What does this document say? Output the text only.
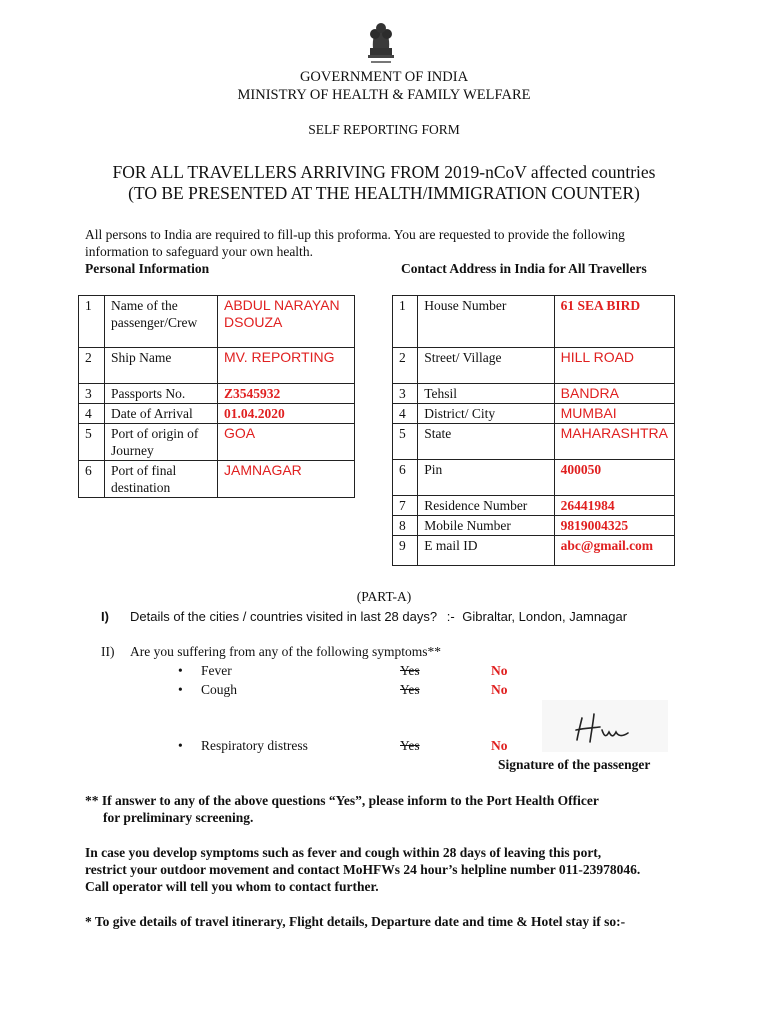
GOVERNMENT OF INDIA
MINISTRY OF HEALTH & FAMILY WELFARE
SELF REPORTING FORM
FOR ALL TRAVELLERS ARRIVING FROM 2019-nCoV affected countries
(TO BE PRESENTED AT THE HEALTH/IMMIGRATION COUNTER)
All persons to India are required to fill-up this proforma. You are requested to provide the following information to safeguard your own health.
Personal Information	Contact Address in India for All Travellers
1	Name of the passenger/Crew	ABDUL NARAYAN DSOUZA
2	Ship Name	MV. REPORTING
3	Passports No.	Z3545932
4	Date of Arrival	01.04.2020
5	Port of origin of Journey	GOA
6	Port of final destination	JAMNAGAR
1	House Number	61 SEA BIRD
2	Street/ Village	HILL ROAD
3	Tehsil	BANDRA
4	District/ City	MUMBAI
5	State	MAHARASHTRA
6	Pin	400050
7	Residence Number	26441984
8	Mobile Number	9819004325
9	E mail ID	abc@gmail.com
(PART-A)
I) Details of the cities / countries visited in last 28 days? :- Gibraltar, London, Jamnagar
II) Are you suffering from any of the following symptoms**
• Fever	Yes	No
• Cough	Yes	No
• Respiratory distress	Yes	No
Signature of the passenger
** If answer to any of the above questions “Yes”, please inform to the Port Health Officer
for preliminary screening.
In case you develop symptoms such as fever and cough within 28 days of leaving this port,
restrict your outdoor movement and contact MoHFWs 24 hour’s helpline number 011-23978046.
Call operator will tell you whom to contact further.
* To give details of travel itinerary, Flight details, Departure date and time & Hotel stay if so:-
